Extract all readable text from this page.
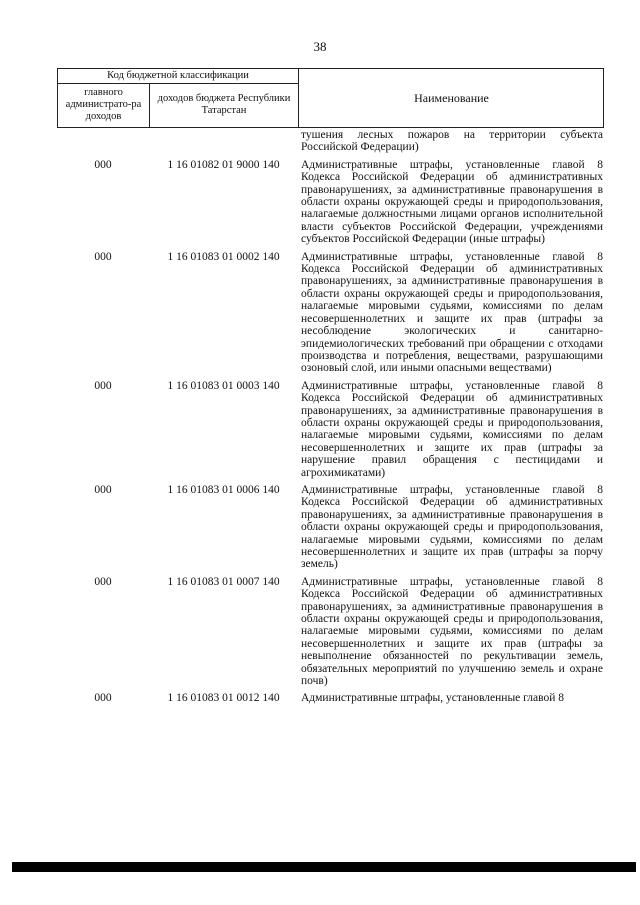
38
Код бюджетной классификации
главного администрато-ра доходов
доходов бюджета Республики Татарстан
Наименование
тушения лесных пожаров на территории субъекта Российской Федерации)
000	1 16 01082 01 9000 140	Административные штрафы, установленные главой 8 Кодекса Российской Федерации об административных правонарушениях, за административные правонарушения в области охраны окружающей среды и природопользования, налагаемые должностными лицами органов исполнительной власти субъектов Российской Федерации, учреждениями субъектов Российской Федерации (иные штрафы)
000	1 16 01083 01 0002 140	Административные штрафы, установленные главой 8 Кодекса Российской Федерации об административных правонарушениях, за административные правонарушения в области охраны окружающей среды и природопользования, налагаемые мировыми судьями, комиссиями по делам несовершеннолетних и защите их прав (штрафы за несоблюдение экологических и санитарно-эпидемиологических требований при обращении с отходами производства и потребления, веществами, разрушающими озоновый слой, или иными опасными веществами)
000	1 16 01083 01 0003 140	Административные штрафы, установленные главой 8 Кодекса Российской Федерации об административных правонарушениях, за административные правонарушения в области охраны окружающей среды и природопользования, налагаемые мировыми судьями, комиссиями по делам несовершеннолетних и защите их прав (штрафы за нарушение правил обращения с пестицидами и агрохимикатами)
000	1 16 01083 01 0006 140	Административные штрафы, установленные главой 8 Кодекса Российской Федерации об административных правонарушениях, за административные правонарушения в области охраны окружающей среды и природопользования, налагаемые мировыми судьями, комиссиями по делам несовершеннолетних и защите их прав (штрафы за порчу земель)
000	1 16 01083 01 0007 140	Административные штрафы, установленные главой 8 Кодекса Российской Федерации об административных правонарушениях, за административные правонарушения в области охраны окружающей среды и природопользования, налагаемые мировыми судьями, комиссиями по делам несовершеннолетних и защите их прав (штрафы за невыполнение обязанностей по рекультивации земель, обязательных мероприятий по улучшению земель и охране почв)
000	1 16 01083 01 0012 140	Административные штрафы, установленные главой 8
